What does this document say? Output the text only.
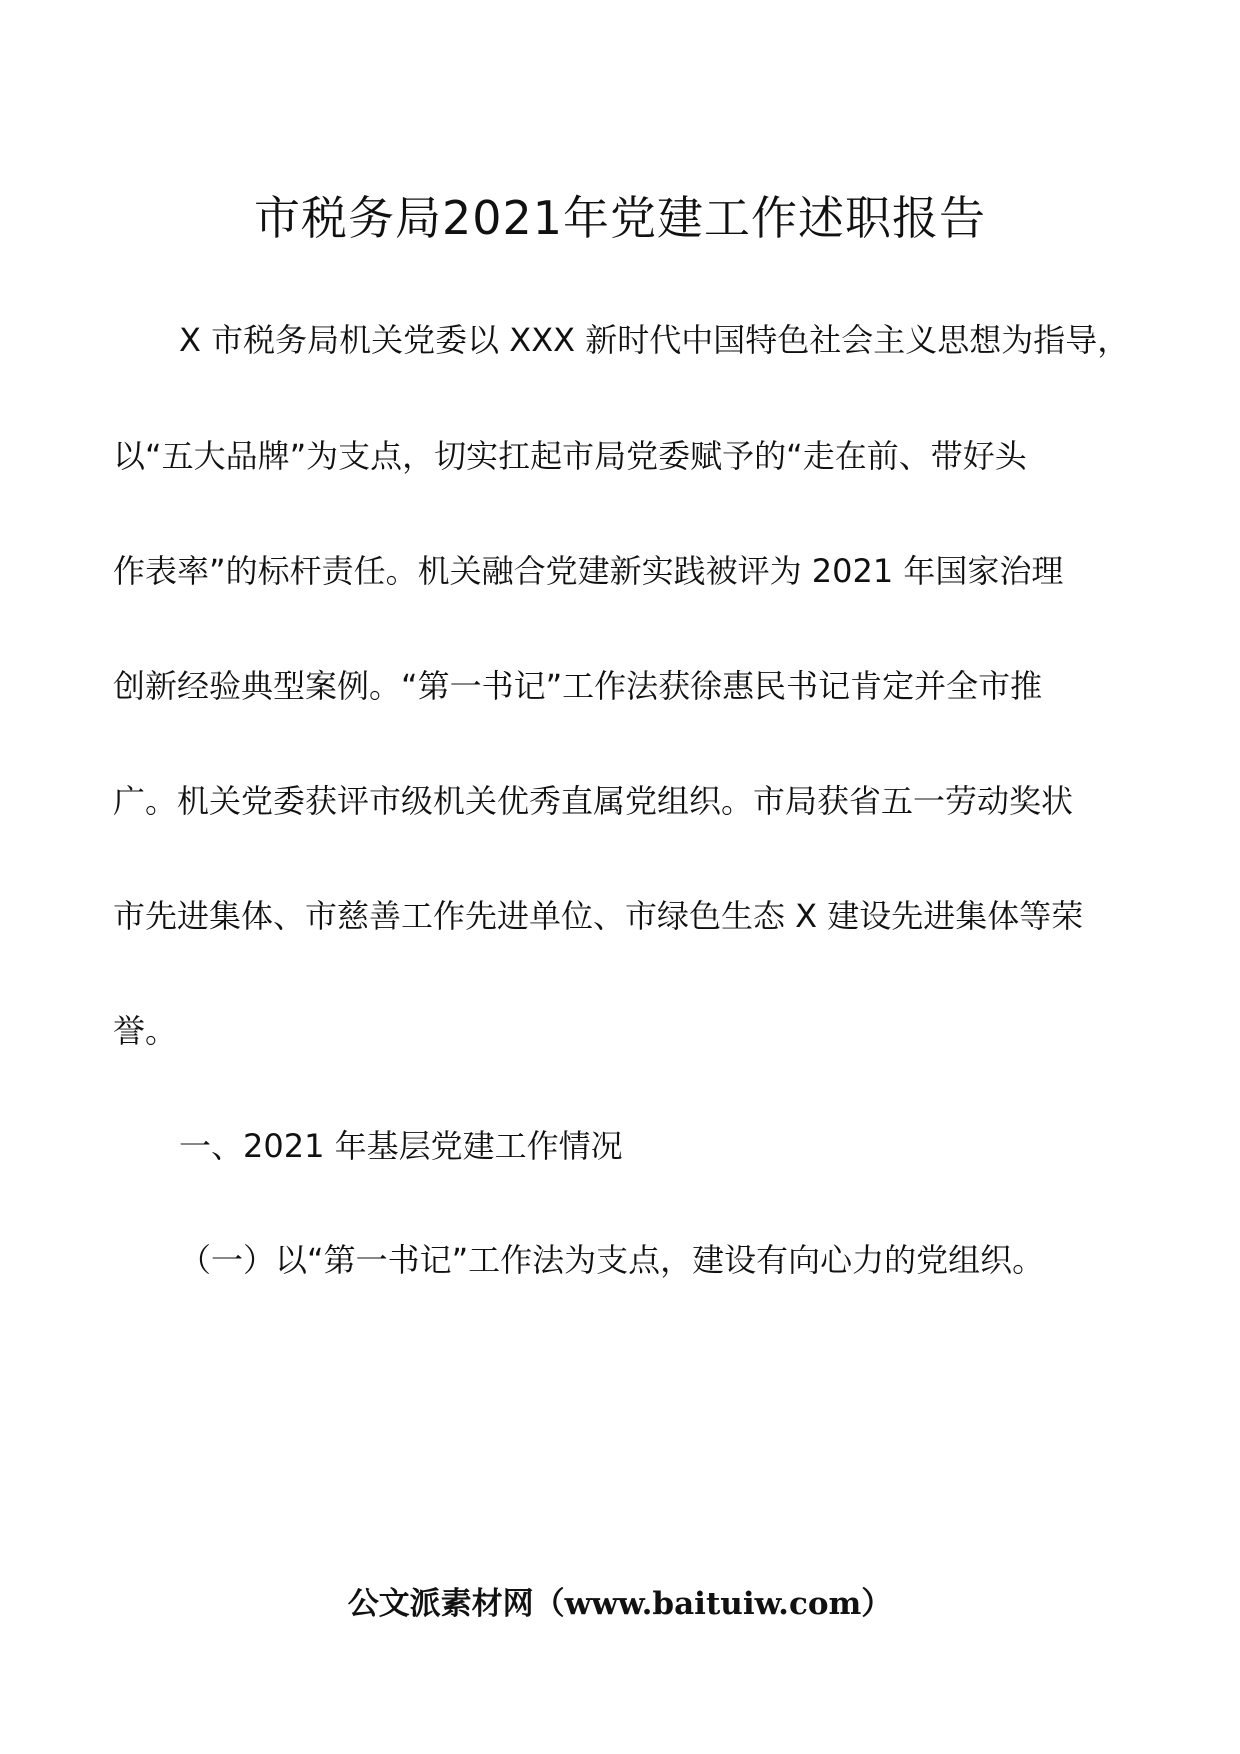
市税务局2021年党建工作述职报告
X 市税务局机关党委以 XXX 新时代中国特色社会主义思想为指导，
以“五大品牌”为支点，切实扛起市局党委赋予的“走在前、带好头
作表率”的标杆责任。机关融合党建新实践被评为 2021 年国家治理
创新经验典型案例。“第一书记”工作法获徐惠民书记肯定并全市推
广。机关党委获评市级机关优秀直属党组织。市局获省五一劳动奖状
市先进集体、市慈善工作先进单位、市绿色生态 X 建设先进集体等荣
誉。
一、2021 年基层党建工作情况
（一）以“第一书记”工作法为支点，建设有向心力的党组织。
公文派素材网（www.baituiw.com）
